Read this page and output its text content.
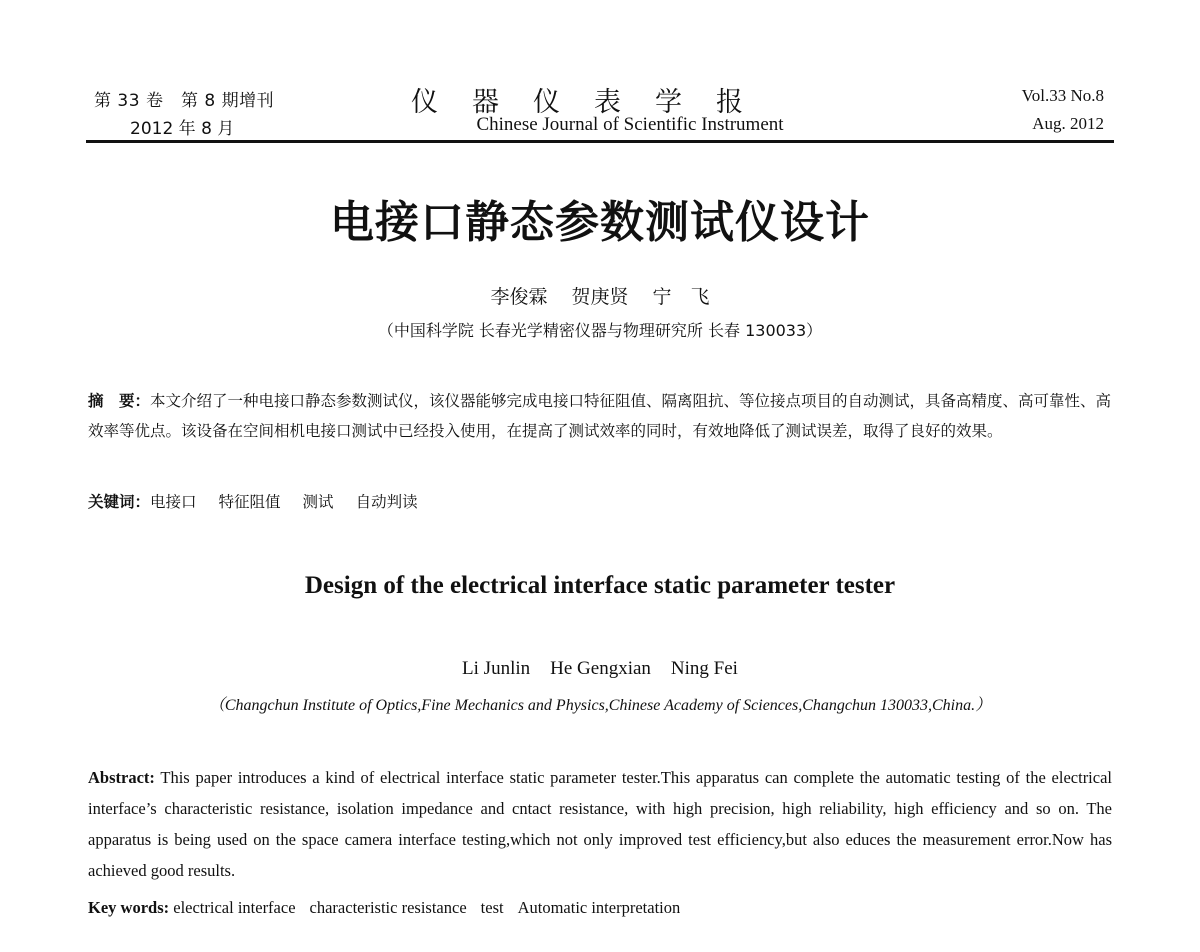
第 33 卷　第 8 期增刊
2012 年 8 月
仪器仪表学报
Chinese Journal of Scientific Instrument
Vol.33 No.8
Aug. 2012
电接口静态参数测试仪设计
李俊霖 贺庚贤 宁　飞
（中国科学院 长春光学精密仪器与物理研究所 长春 130033）
摘　要：本文介绍了一种电接口静态参数测试仪，该仪器能够完成电接口特征阻值、隔离阻抗、等位接点项目的自动测试，具备高精度、高可靠性、高效率等优点。该设备在空间相机电接口测试中已经投入使用，在提高了测试效率的同时，有效地降低了测试误差，取得了良好的效果。
关键词：电接口 特征阻值 测试 自动判读
Design of the electrical interface static parameter tester
Li Junlin He Gengxian Ning Fei
（Changchun Institute of Optics,Fine Mechanics and Physics,Chinese Academy of Sciences,Changchun 130033,China.）
Abstract: This paper introduces a kind of electrical interface static parameter tester.This apparatus can complete the automatic testing of the electrical interface’s characteristic resistance, isolation impedance and cntact resistance, with high precision, high reliability, high efficiency and so on. The apparatus is being used on the space camera interface testing,which not only improved test efficiency,but also educes the measurement error.Now has achieved good results.
Key words: electrical interface characteristic resistance test Automatic interpretation
